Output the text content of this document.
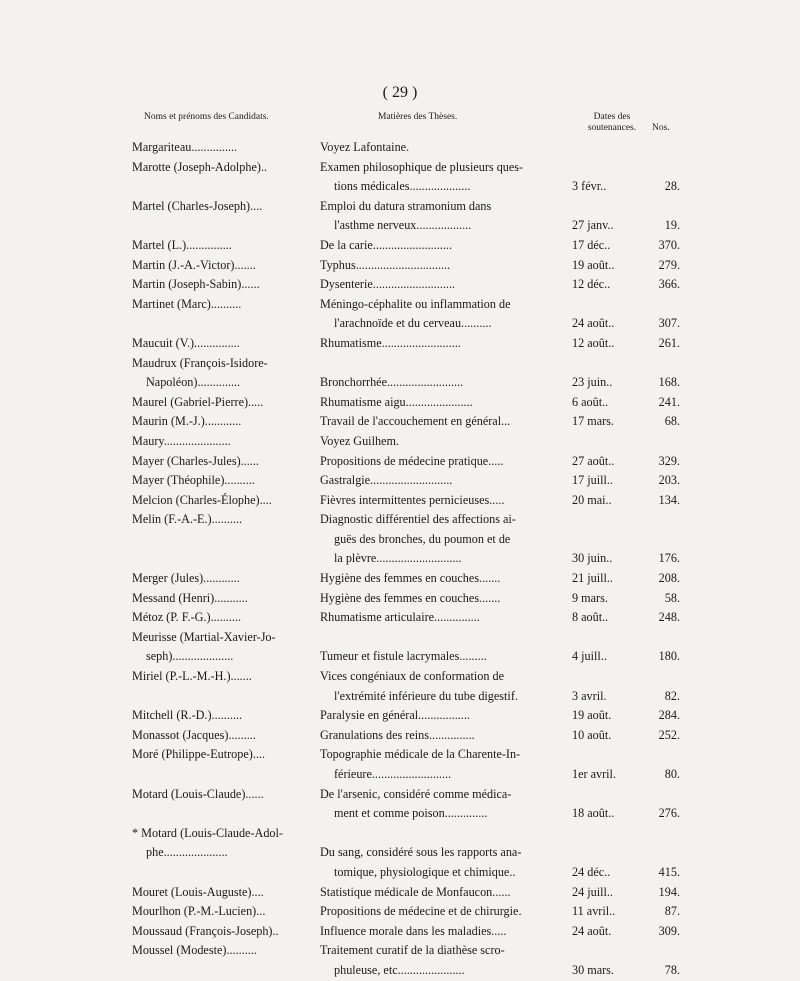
( 29 )
Noms et prénoms des Candidats.	Matières des Thèses.	Dates des
soutenances.	Nos.
Margariteau...............	Voyez Lafontaine.
Marotte (Joseph-Adolphe)..	Examen philosophique de plusieurs ques-
tions médicales....................	3 févr..	28.
Martel (Charles-Joseph)....	Emploi du datura stramonium dans
l'asthme nerveux..................	27 janv..	19.
Martel (L.)...............	De la carie..........................	17 déc..	370.
Martin (J.-A.-Victor).......	Typhus...............................	19 août..	279.
Martin (Joseph-Sabin)......	Dysenterie...........................	12 déc..	366.
Martinet (Marc)..........	Méningo-céphalite ou inflammation de
l'arachnoïde et du cerveau..........	24 août..	307.
Maucuit (V.)...............	Rhumatisme..........................	12 août..	261.
Maudrux (François-Isidore-
Napoléon)..............	Bronchorrhée.........................	23 juin..	168.
Maurel (Gabriel-Pierre).....	Rhumatisme aigu......................	6 août..	241.
Maurin (M.-J.)............	Travail de l'accouchement en général...	17 mars.	68.
Maury......................	Voyez Guilhem.
Mayer (Charles-Jules)......	Propositions de médecine pratique.....	27 août..	329.
Mayer (Théophile)..........	Gastralgie...........................	17 juill..	203.
Melcion (Charles-Élophe)....	Fièvres intermittentes pernicieuses.....	20 mai..	134.
Melin (F.-A.-E.)..........	Diagnostic différentiel des affections ai-
guës des bronches, du poumon et de
la plèvre............................	30 juin..	176.
Merger (Jules)............	Hygiène des femmes en couches.......	21 juill..	208.
Messand (Henri)...........	Hygiène des femmes en couches.......	9 mars.	58.
Métoz (P. F.-G.)..........	Rhumatisme articulaire...............	8 août..	248.
Meurisse (Martial-Xavier-Jo-
seph)....................	Tumeur et fistule lacrymales.........	4 juill..	180.
Miriel (P.-L.-M.-H.).......	Vices congéniaux de conformation de
l'extrémité inférieure du tube digestif.	3 avril.	82.
Mitchell (R.-D.)..........	Paralysie en général.................	19 août.	284.
Monassot (Jacques).........	Granulations des reins...............	10 août.	252.
Moré (Philippe-Eutrope)....	Topographie médicale de la Charente-In-
férieure..........................	1er avril.	80.
Motard (Louis-Claude)......	De l'arsenic, considéré comme médica-
ment et comme poison..............	18 août..	276.
* Motard (Louis-Claude-Adol-
phe.....................	Du sang, considéré sous les rapports ana-
tomique, physiologique et chimique..	24 déc..	415.
Mouret (Louis-Auguste)....	Statistique médicale de Monfaucon......	24 juill..	194.
Mourlhon (P.-M.-Lucien)...	Propositions de médecine et de chirurgie.	11 avril..	87.
Moussaud (François-Joseph)..	Influence morale dans les maladies.....	24 août.	309.
Moussel (Modeste)..........	Traitement curatif de la diathèse scro-
phuleuse, etc......................	30 mars.	78.
